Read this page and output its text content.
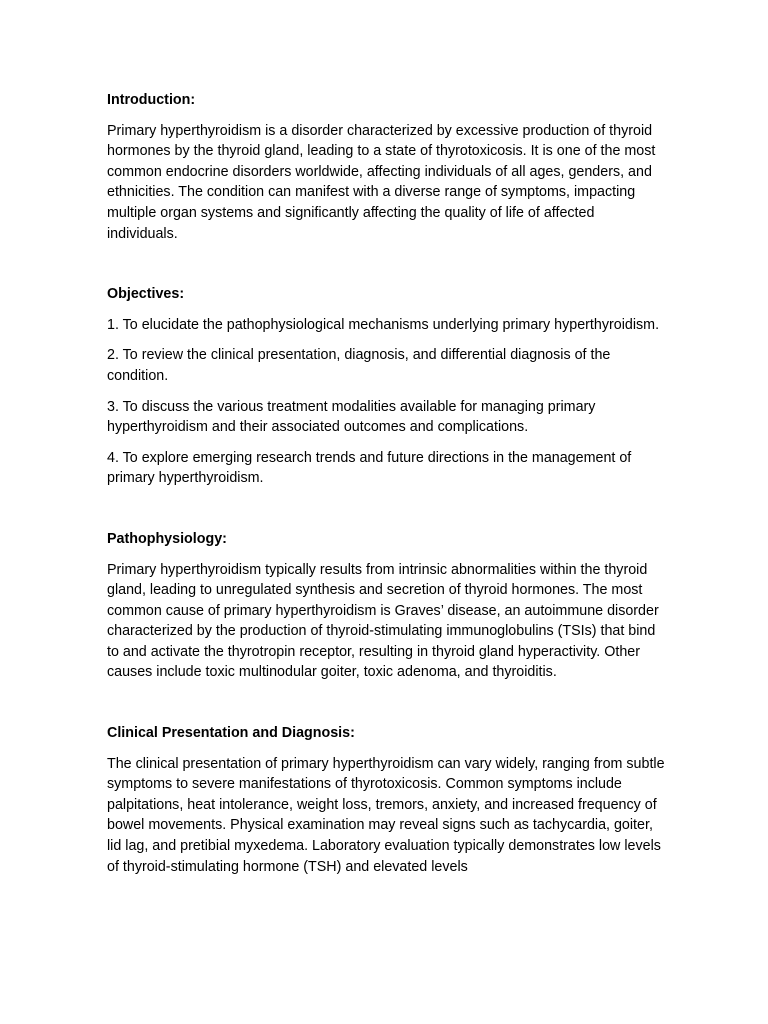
Introduction:

Primary hyperthyroidism is a disorder characterized by excessive production of thyroid hormones by the thyroid gland, leading to a state of thyrotoxicosis. It is one of the most common endocrine disorders worldwide, affecting individuals of all ages, genders, and ethnicities. The condition can manifest with a diverse range of symptoms, impacting multiple organ systems and significantly affecting the quality of life of affected individuals.

Objectives:

1. To elucidate the pathophysiological mechanisms underlying primary hyperthyroidism.

2. To review the clinical presentation, diagnosis, and differential diagnosis of the condition.

3. To discuss the various treatment modalities available for managing primary hyperthyroidism and their associated outcomes and complications.

4. To explore emerging research trends and future directions in the management of primary hyperthyroidism.

Pathophysiology:

Primary hyperthyroidism typically results from intrinsic abnormalities within the thyroid gland, leading to unregulated synthesis and secretion of thyroid hormones. The most common cause of primary hyperthyroidism is Graves’ disease, an autoimmune disorder characterized by the production of thyroid-stimulating immunoglobulins (TSIs) that bind to and activate the thyrotropin receptor, resulting in thyroid gland hyperactivity. Other causes include toxic multinodular goiter, toxic adenoma, and thyroiditis.

Clinical Presentation and Diagnosis:

The clinical presentation of primary hyperthyroidism can vary widely, ranging from subtle symptoms to severe manifestations of thyrotoxicosis. Common symptoms include palpitations, heat intolerance, weight loss, tremors, anxiety, and increased frequency of bowel movements. Physical examination may reveal signs such as tachycardia, goiter, lid lag, and pretibial myxedema. Laboratory evaluation typically demonstrates low levels of thyroid-stimulating hormone (TSH) and elevated levels
